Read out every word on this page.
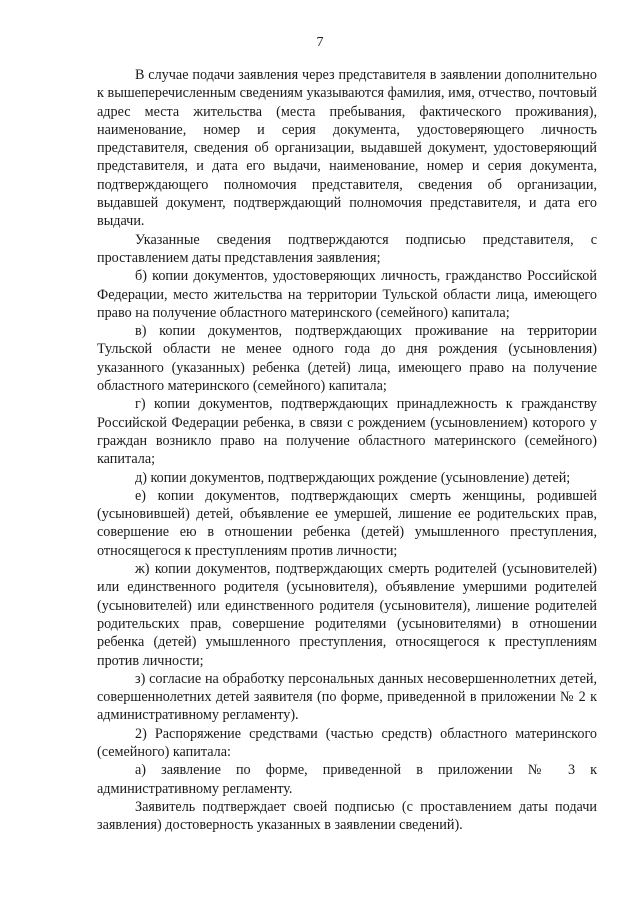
7

В случае подачи заявления через представителя в заявлении дополнительно к вышеперечисленным сведениям указываются фамилия, имя, отчество, почтовый адрес места жительства (места пребывания, фактического проживания), наименование, номер и серия документа, удостоверяющего личность представителя, сведения об организации, выдавшей документ, удостоверяющий представителя, и дата его выдачи, наименование, номер и серия документа, подтверждающего полномочия представителя, сведения об организации, выдавшей документ, подтверждающий полномочия представителя, и дата его выдачи.

Указанные сведения подтверждаются подписью представителя, с проставлением даты представления заявления;

б) копии документов, удостоверяющих личность, гражданство Российской Федерации, место жительства на территории Тульской области лица, имеющего право на получение областного материнского (семейного) капитала;

в) копии документов, подтверждающих проживание на территории Тульской области не менее одного года до дня рождения (усыновления) указанного (указанных) ребенка (детей) лица, имеющего право на получение областного материнского (семейного) капитала;

г) копии документов, подтверждающих принадлежность к гражданству Российской Федерации ребенка, в связи с рождением (усыновлением) которого у граждан возникло право на получение областного материнского (семейного) капитала;

д) копии документов, подтверждающих рождение (усыновление) детей;

е) копии документов, подтверждающих смерть женщины, родившей (усыновившей) детей, объявление ее умершей, лишение ее родительских прав, совершение ею в отношении ребенка (детей) умышленного преступления, относящегося к преступлениям против личности;

ж) копии документов, подтверждающих смерть родителей (усыновителей) или единственного родителя (усыновителя), объявление умершими родителей (усыновителей) или единственного родителя (усыновителя), лишение родителей родительских прав, совершение родителями (усыновителями) в отношении ребенка (детей) умышленного преступления, относящегося к преступлениям против личности;

з) согласие на обработку персональных данных несовершеннолетних детей, совершеннолетних детей заявителя (по форме, приведенной в приложении № 2 к административному регламенту).

2) Распоряжение средствами (частью средств) областного материнского (семейного) капитала:

а) заявление по форме, приведенной в приложении № 3 к административному регламенту.

Заявитель подтверждает своей подписью (с проставлением даты подачи заявления) достоверность указанных в заявлении сведений).
